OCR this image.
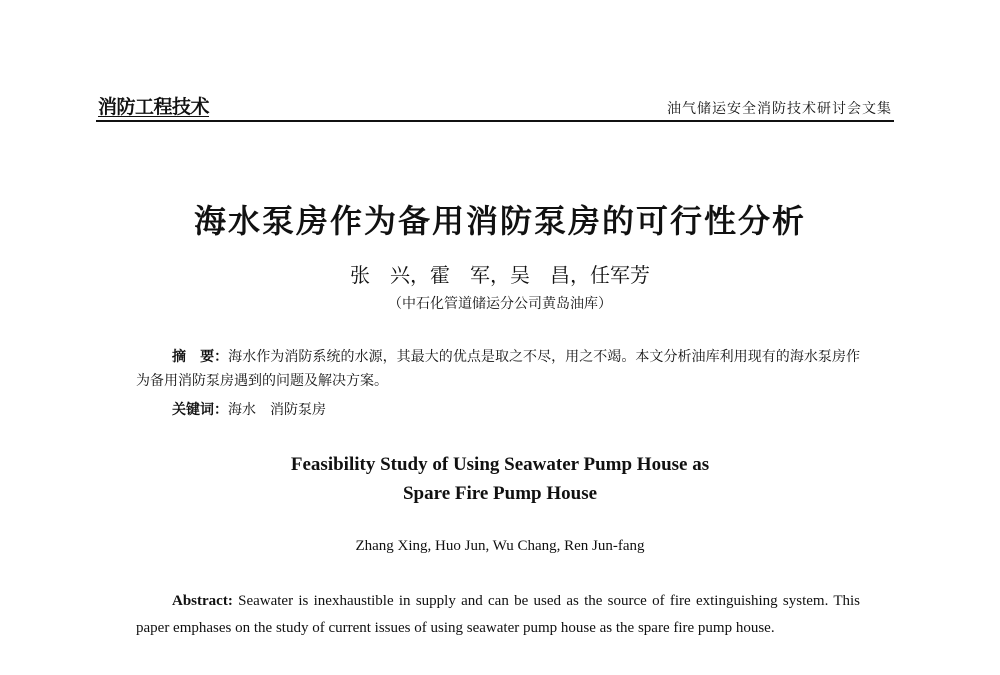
消防工程技术	油气储运安全消防技术研讨会文集
海水泵房作为备用消防泵房的可行性分析
张　兴，霍　军，吴　昌，任军芳
（中石化管道储运分公司黄岛油库）
摘　要：海水作为消防系统的水源，其最大的优点是取之不尽，用之不竭。本文分析油库利用现有的海水泵房作为备用消防泵房遇到的问题及解决方案。
关键词：海水　消防泵房
Feasibility Study of Using Seawater Pump House as
Spare Fire Pump House
Zhang Xing, Huo Jun, Wu Chang, Ren Jun-fang
Abstract: Seawater is inexhaustible in supply and can be used as the source of fire extinguishing system. This paper emphases on the study of current issues of using seawater pump house as the spare fire pump house.
